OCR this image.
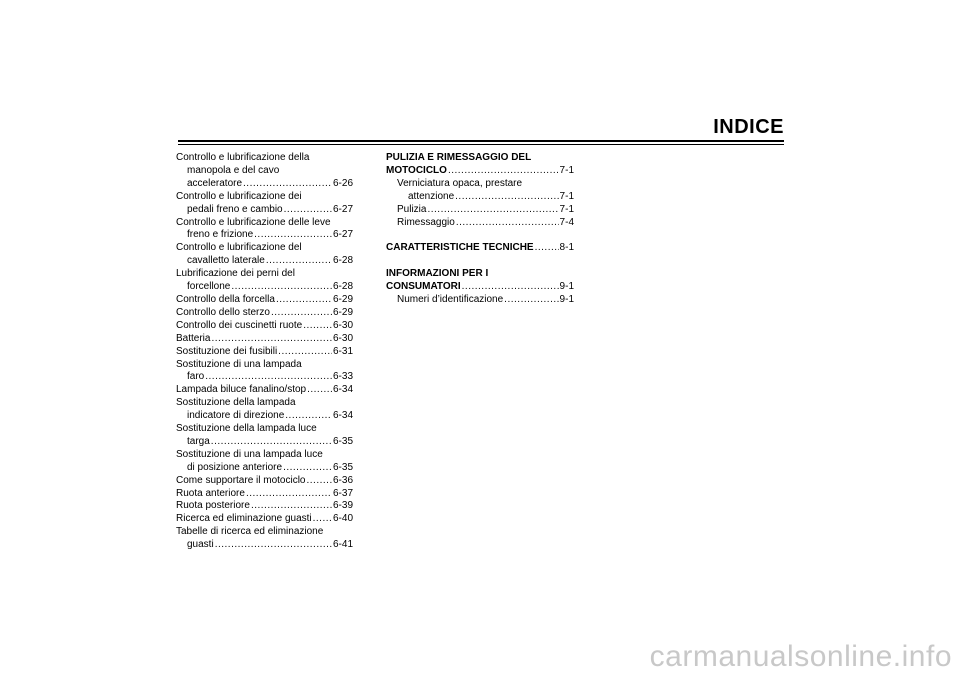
INDICE
Controllo e lubrificazione della
manopola e del cavo
acceleratore .....	6-26
Controllo e lubrificazione dei
pedali freno e cambio .....	6-27
Controllo e lubrificazione delle leve
freno e frizione .....	6-27
Controllo e lubrificazione del
cavalletto laterale .....	6-28
Lubrificazione dei perni del
forcellone .....	6-28
Controllo della forcella .....	6-29
Controllo dello sterzo .....	6-29
Controllo dei cuscinetti ruote .....	6-30
Batteria .....	6-30
Sostituzione dei fusibili .....	6-31
Sostituzione di una lampada
faro .....	6-33
Lampada biluce fanalino/stop .....	6-34
Sostituzione della lampada
indicatore di direzione .....	6-34
Sostituzione della lampada luce
targa .....	6-35
Sostituzione di una lampada luce
di posizione anteriore .....	6-35
Come supportare il motociclo .....	6-36
Ruota anteriore .....	6-37
Ruota posteriore .....	6-39
Ricerca ed eliminazione guasti ..... 6-40
Tabelle di ricerca ed eliminazione
guasti .....	6-41
PULIZIA E RIMESSAGGIO DEL
MOTOCICLO .....	7-1
Verniciatura opaca, prestare
attenzione .....	7-1
Pulizia .....	7-1
Rimessaggio .....	7-4
CARATTERISTICHE TECNICHE .....	8-1
INFORMAZIONI PER I
CONSUMATORI .....	9-1
Numeri d’identificazione .....	9-1
carmanualsonline.info
